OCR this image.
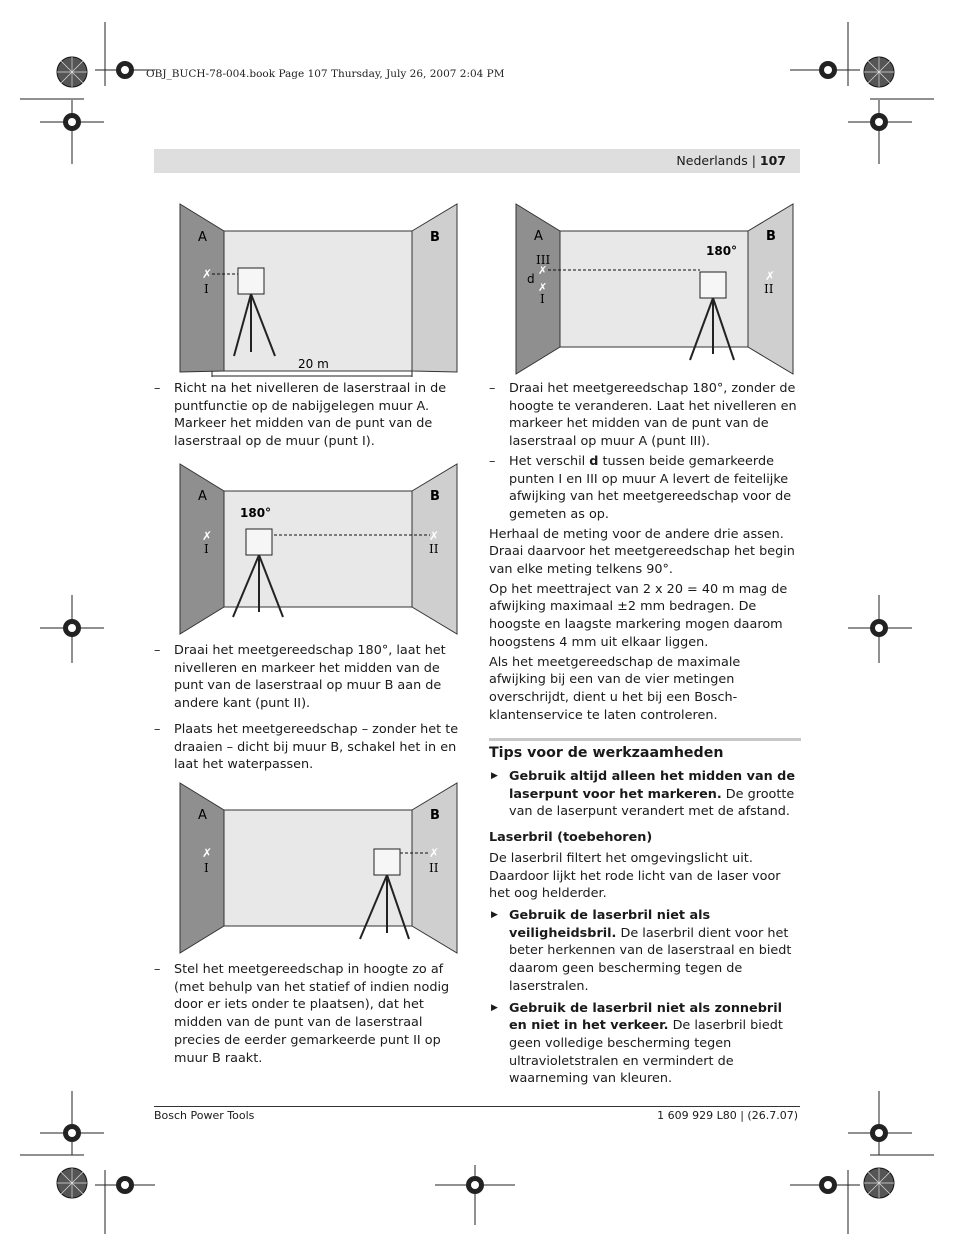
OBJ_BUCH-78-004.book Page 107 Thursday, July 26, 2007 2:04 PM
Nederlands | 107
A	B
✗
I
20 m
A	B
180°
✗	✗
I	II
A	B
✗	✗
I	II
A	B
180°
III
d
✗
✗
✗
I
II
– Richt na het nivelleren de laserstraal in de puntfunctie op de nabijgelegen muur A. Markeer het midden van de punt van de laserstraal op de muur (punt I).
– Draai het meetgereedschap 180°, laat het nivelleren en markeer het midden van de punt van de laserstraal op muur B aan de andere kant (punt II).
– Plaats het meetgereedschap – zonder het te draaien – dicht bij muur B, schakel het in en laat het waterpassen.
– Stel het meetgereedschap in hoogte zo af (met behulp van het statief of indien nodig door er iets onder te plaatsen), dat het midden van de punt van de laserstraal precies de eerder gemarkeerde punt II op muur B raakt.
– Draai het meetgereedschap 180°, zonder de hoogte te veranderen. Laat het nivelleren en markeer het midden van de punt van de laserstraal op muur A (punt III).
– Het verschil d tussen beide gemarkeerde punten I en III op muur A levert de feitelijke afwijking van het meetgereedschap voor de gemeten as op.

Herhaal de meting voor de andere drie assen. Draai daarvoor het meetgereedschap het begin van elke meting telkens 90°.

Op het meettraject van 2 x 20 = 40 m mag de afwijking maximaal ±2 mm bedragen. De hoogste en laagste markering mogen daarom hoogstens 4 mm uit elkaar liggen.

Als het meetgereedschap de maximale afwijking bij een van de vier metingen overschrijdt, dient u het bij een Bosch-klantenservice te laten controleren.

Tips voor de werkzaamheden
▶ Gebruik altijd alleen het midden van de laserpunt voor het markeren. De grootte van de laserpunt verandert met de afstand.
Laserbril (toebehoren)

De laserbril filtert het omgevingslicht uit. Daardoor lijkt het rode licht van de laser voor het oog helderder.

▶ Gebruik de laserbril niet als veiligheidsbril. De laserbril dient voor het beter herkennen van de laserstraal en biedt daarom geen bescherming tegen de laserstralen.
▶ Gebruik de laserbril niet als zonnebril en niet in het verkeer. De laserbril biedt geen volledige bescherming tegen ultravioletstralen en vermindert de waarneming van kleuren.
Bosch Power Tools	1 609 929 L80 | (26.7.07)
